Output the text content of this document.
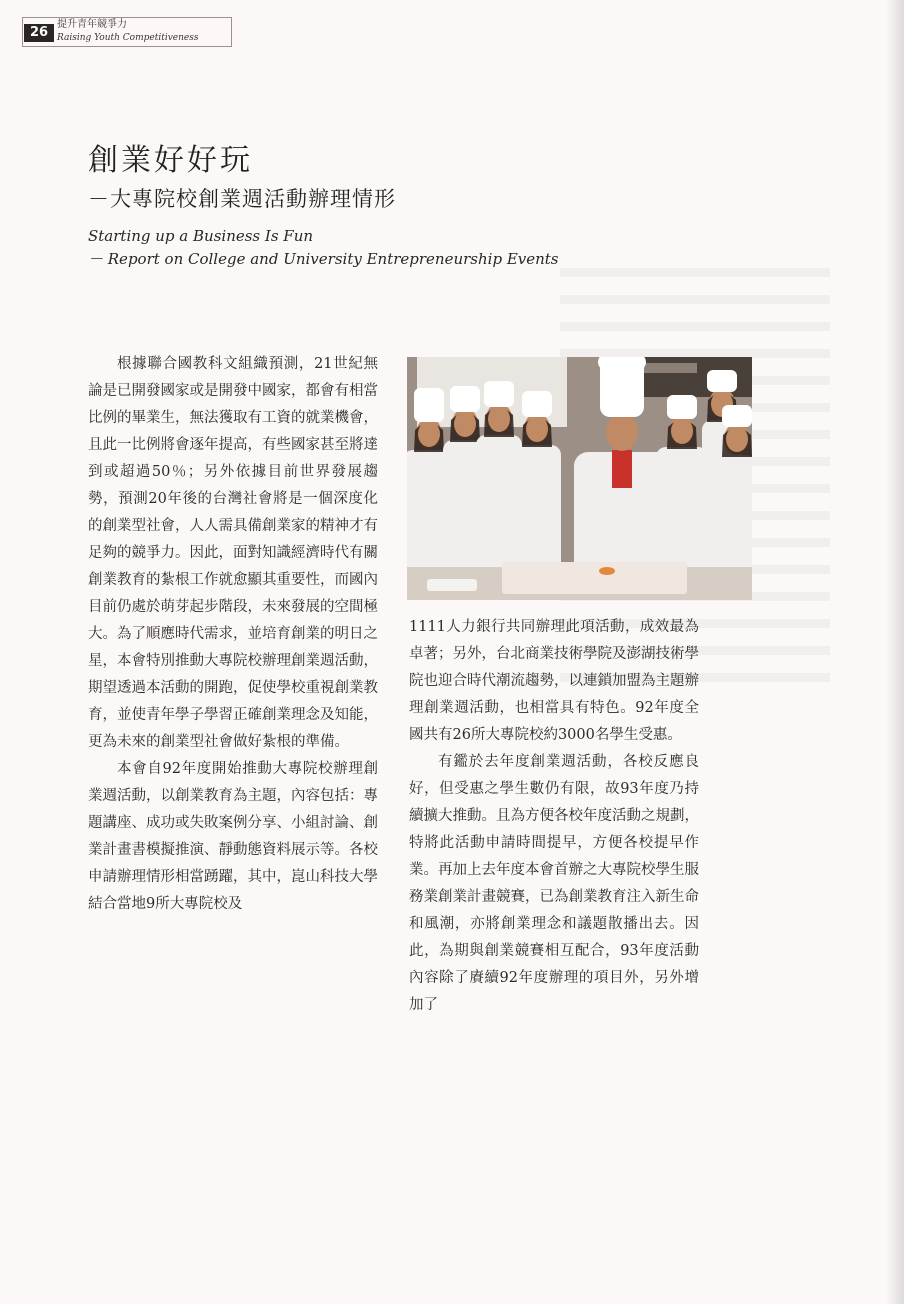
26
提升青年競爭力
Raising Youth Competitiveness
創業好好玩
－大專院校創業週活動辦理情形
Starting up a Business Is Fun
－ Report on College and University Entrepreneurship Events

根據聯合國教科文組織預測，21世紀無論是已開發國家或是開發中國家，都會有相當比例的畢業生，無法獲取有工資的就業機會，且此一比例將會逐年提高，有些國家甚至將達到或超過50％；另外依據目前世界發展趨勢，預測20年後的台灣社會將是一個深度化的創業型社會，人人需具備創業家的精神才有足夠的競爭力。因此，面對知識經濟時代有關創業教育的紮根工作就愈顯其重要性，而國內目前仍處於萌芽起步階段，未來發展的空間極大。為了順應時代需求，並培育創業的明日之星，本會特別推動大專院校辦理創業週活動，期望透過本活動的開跑，促使學校重視創業教育，並使青年學子學習正確創業理念及知能，更為未來的創業型社會做好紮根的準備。

本會自92年度開始推動大專院校辦理創業週活動，以創業教育為主題，內容包括：專題講座、成功或失敗案例分享、小組討論、創業計畫書模擬推演、靜動態資料展示等。各校申請辦理情形相當踴躍，其中，崑山科技大學結合當地9所大專院校及

1111人力銀行共同辦理此項活動，成效最為卓著；另外，台北商業技術學院及澎湖技術學院也迎合時代潮流趨勢，以連鎖加盟為主題辦理創業週活動，也相當具有特色。92年度全國共有26所大專院校約3000名學生受惠。

有鑑於去年度創業週活動，各校反應良好，但受惠之學生數仍有限，故93年度乃持續擴大推動。且為方便各校年度活動之規劃，特將此活動申請時間提早，方便各校提早作業。再加上去年度本會首辦之大專院校學生服務業創業計畫競賽，已為創業教育注入新生命和風潮，亦將創業理念和議題散播出去。因此，為期與創業競賽相互配合，93年度活動內容除了賡續92年度辦理的項目外，另外增加了
